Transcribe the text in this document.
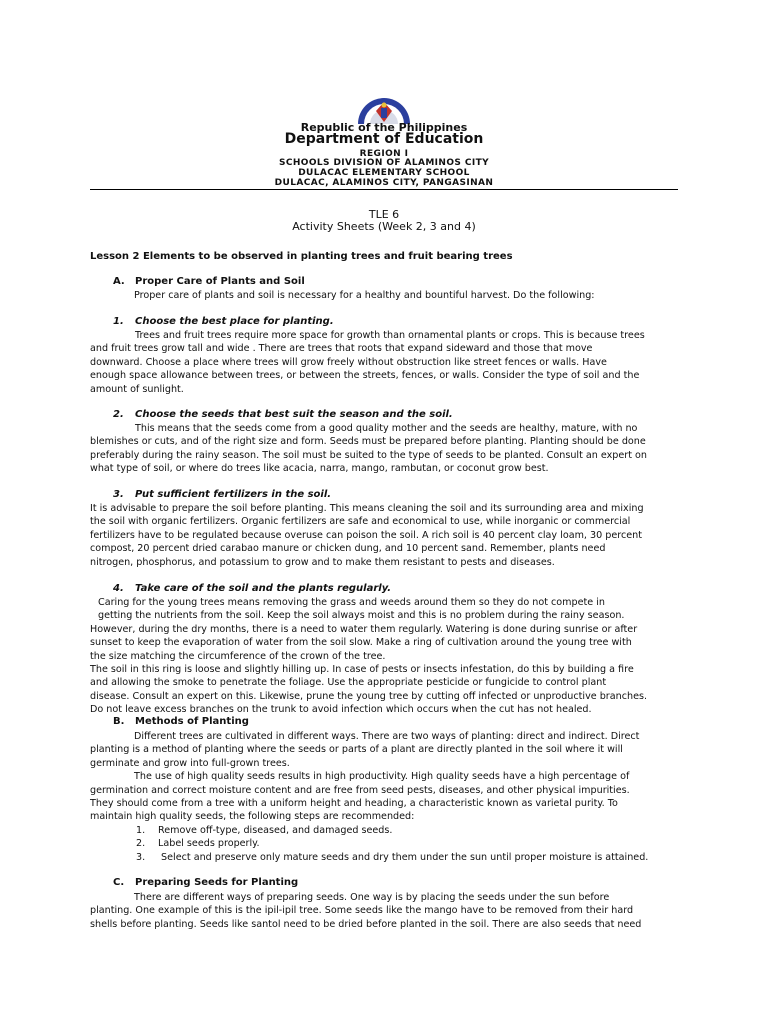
Republic of the Philippines
Department of Education
REGION I
SCHOOLS DIVISION OF ALAMINOS CITY
DULACAC ELEMENTARY SCHOOL
DULACAC, ALAMINOS CITY, PANGASINAN
TLE 6
Activity Sheets (Week 2, 3 and 4)
Lesson 2 Elements to be observed in planting trees and fruit bearing trees
A. Proper Care of Plants and Soil
Proper care of plants and soil is necessary for a healthy and bountiful harvest. Do the following:
1. Choose the best place for planting.
Trees and fruit trees require more space for growth than ornamental plants or crops. This is because trees
and fruit trees grow tall and wide . There are trees that roots that expand sideward and those that move
downward. Choose a place where trees will grow freely without obstruction like street fences or walls. Have
enough space allowance between trees, or between the streets, fences, or walls. Consider the type of soil and the
amount of sunlight.
2. Choose the seeds that best suit the season and the soil.
This means that the seeds come from a good quality mother and the seeds are healthy, mature, with no
blemishes or cuts, and of the right size and form. Seeds must be prepared before planting. Planting should be done
preferably during the rainy season. The soil must be suited to the type of seeds to be planted. Consult an expert on
what type of soil, or where do trees like acacia, narra, mango, rambutan, or coconut grow best.
3. Put sufficient fertilizers in the soil.
It is advisable to prepare the soil before planting. This means cleaning the soil and its surrounding area and mixing
the soil with organic fertilizers. Organic fertilizers are safe and economical to use, while inorganic or commercial
fertilizers have to be regulated because overuse can poison the soil. A rich soil is 40 percent clay loam, 30 percent
compost, 20 percent dried carabao manure or chicken dung, and 10 percent sand. Remember, plants need
nitrogen, phosphorus, and potassium to grow and to make them resistant to pests and diseases.
4. Take care of the soil and the plants regularly.
Caring for the young trees means removing the grass and weeds around them so they do not compete in
getting the nutrients from the soil. Keep the soil always moist and this is no problem during the rainy season.
However, during the dry months, there is a need to water them regularly. Watering is done during sunrise or after
sunset to keep the evaporation of water from the soil slow. Make a ring of cultivation around the young tree with
the size matching the circumference of the crown of the tree.
The soil in this ring is loose and slightly hilling up. In case of pests or insects infestation, do this by building a fire
and allowing the smoke to penetrate the foliage. Use the appropriate pesticide or fungicide to control plant
disease. Consult an expert on this. Likewise, prune the young tree by cutting off infected or unproductive branches.
Do not leave excess branches on the trunk to avoid infection which occurs when the cut has not healed.
B. Methods of Planting
Different trees are cultivated in different ways. There are two ways of planting: direct and indirect. Direct
planting is a method of planting where the seeds or parts of a plant are directly planted in the soil where it will
germinate and grow into full-grown trees.
The use of high quality seeds results in high productivity. High quality seeds have a high percentage of
germination and correct moisture content and are free from seed pests, diseases, and other physical impurities.
They should come from a tree with a uniform height and heading, a characteristic known as varietal purity. To
maintain high quality seeds, the following steps are recommended:
1. Remove off-type, diseased, and damaged seeds.
2. Label seeds properly.
3. Select and preserve only mature seeds and dry them under the sun until proper moisture is attained.
C. Preparing Seeds for Planting
There are different ways of preparing seeds. One way is by placing the seeds under the sun before
planting. One example of this is the ipil-ipil tree. Some seeds like the mango have to be removed from their hard
shells before planting. Seeds like santol need to be dried before planted in the soil. There are also seeds that need
